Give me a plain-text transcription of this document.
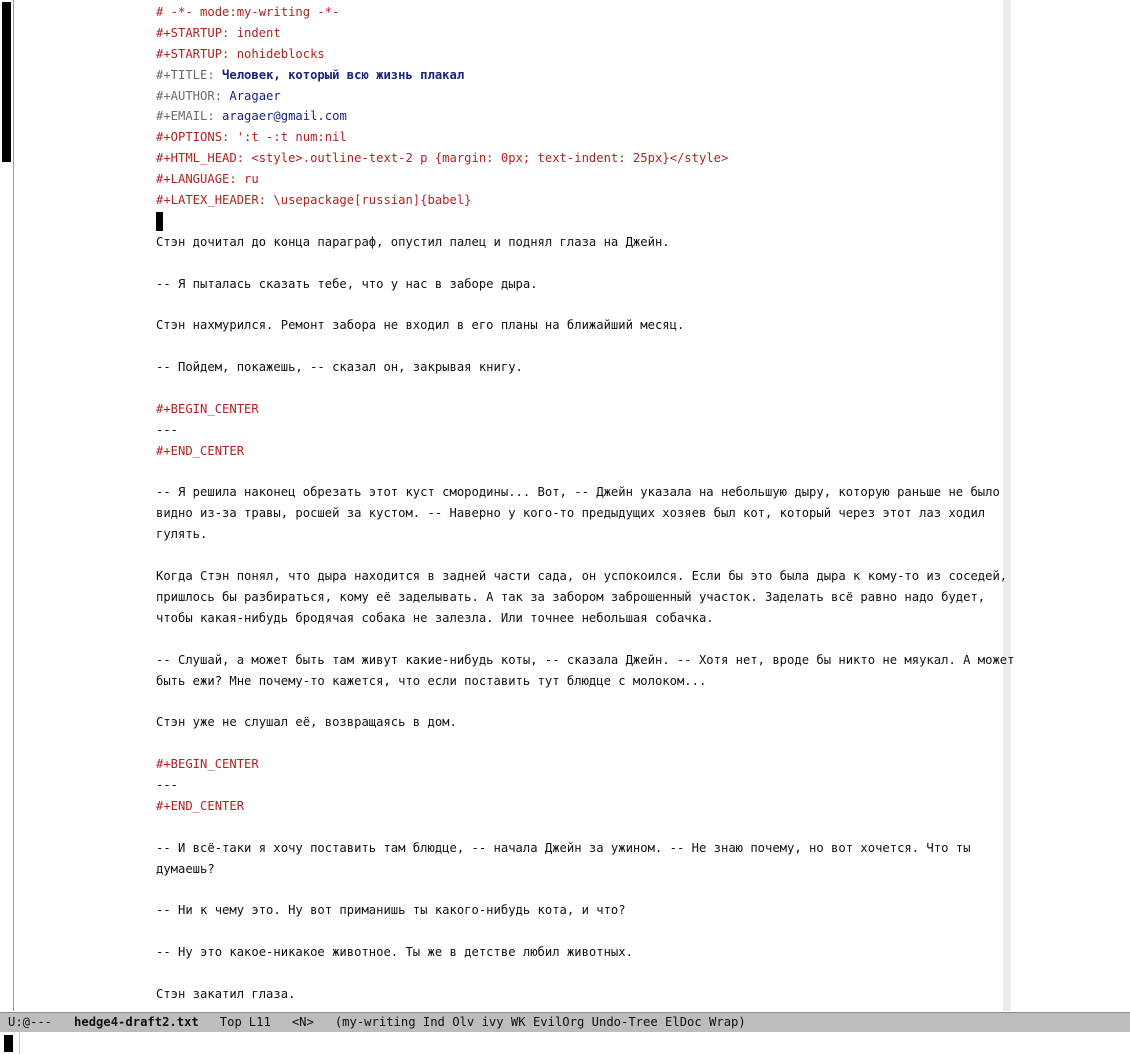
# -*- mode:my-writing -*-
#+STARTUP: indent
#+STARTUP: nohideblocks
#+TITLE: Человек, который всю жизнь плакал
#+AUTHOR: Aragaer
#+EMAIL: aragaer@gmail.com
#+OPTIONS: ':t -:t num:nil
#+HTML_HEAD: <style>.outline-text-2 p {margin: 0px; text-indent: 25px}</style>
#+LANGUAGE: ru
#+LATEX_HEADER: \usepackage[russian]{babel}
Стэн дочитал до конца параграф, опустил палец и поднял глаза на Джейн.
-- Я пыталась сказать тебе, что у нас в заборе дыра.
Стэн нахмурился. Ремонт забора не входил в его планы на ближайший месяц.
-- Пойдем, покажешь, -- сказал он, закрывая книгу.
#+BEGIN_CENTER
---
#+END_CENTER
-- Я решила наконец обрезать этот куст смородины... Вот, -- Джейн указала на небольшую дыру, которую раньше не было
видно из-за травы, росшей за кустом. -- Наверно у кого-то предыдущих хозяев был кот, который через этот лаз ходил
гулять.
Когда Стэн понял, что дыра находится в задней части сада, он успокоился. Если бы это была дыра к кому-то из соседей,
пришлось бы разбираться, кому её заделывать. А так за забором заброшенный участок. Заделать всё равно надо будет,
чтобы какая-нибудь бродячая собака не залезла. Или точнее небольшая собачка.
-- Слушай, а может быть там живут какие-нибудь коты, -- сказала Джейн. -- Хотя нет, вроде бы никто не мяукал. А может
быть ежи? Мне почему-то кажется, что если поставить тут блюдце с молоком...
Стэн уже не слушал её, возвращаясь в дом.
#+BEGIN_CENTER
---
#+END_CENTER
-- И всё-таки я хочу поставить там блюдце, -- начала Джейн за ужином. -- Не знаю почему, но вот хочется. Что ты
думаешь?
-- Ни к чему это. Ну вот приманишь ты какого-нибудь кота, и что?
-- Ну это какое-никакое животное. Ты же в детстве любил животных.
Стэн закатил глаза.
U:@--- hedge4-draft2.txt Top L11 <N> (my-writing Ind Olv ivy WK EvilOrg Undo-Tree ElDoc Wrap)
